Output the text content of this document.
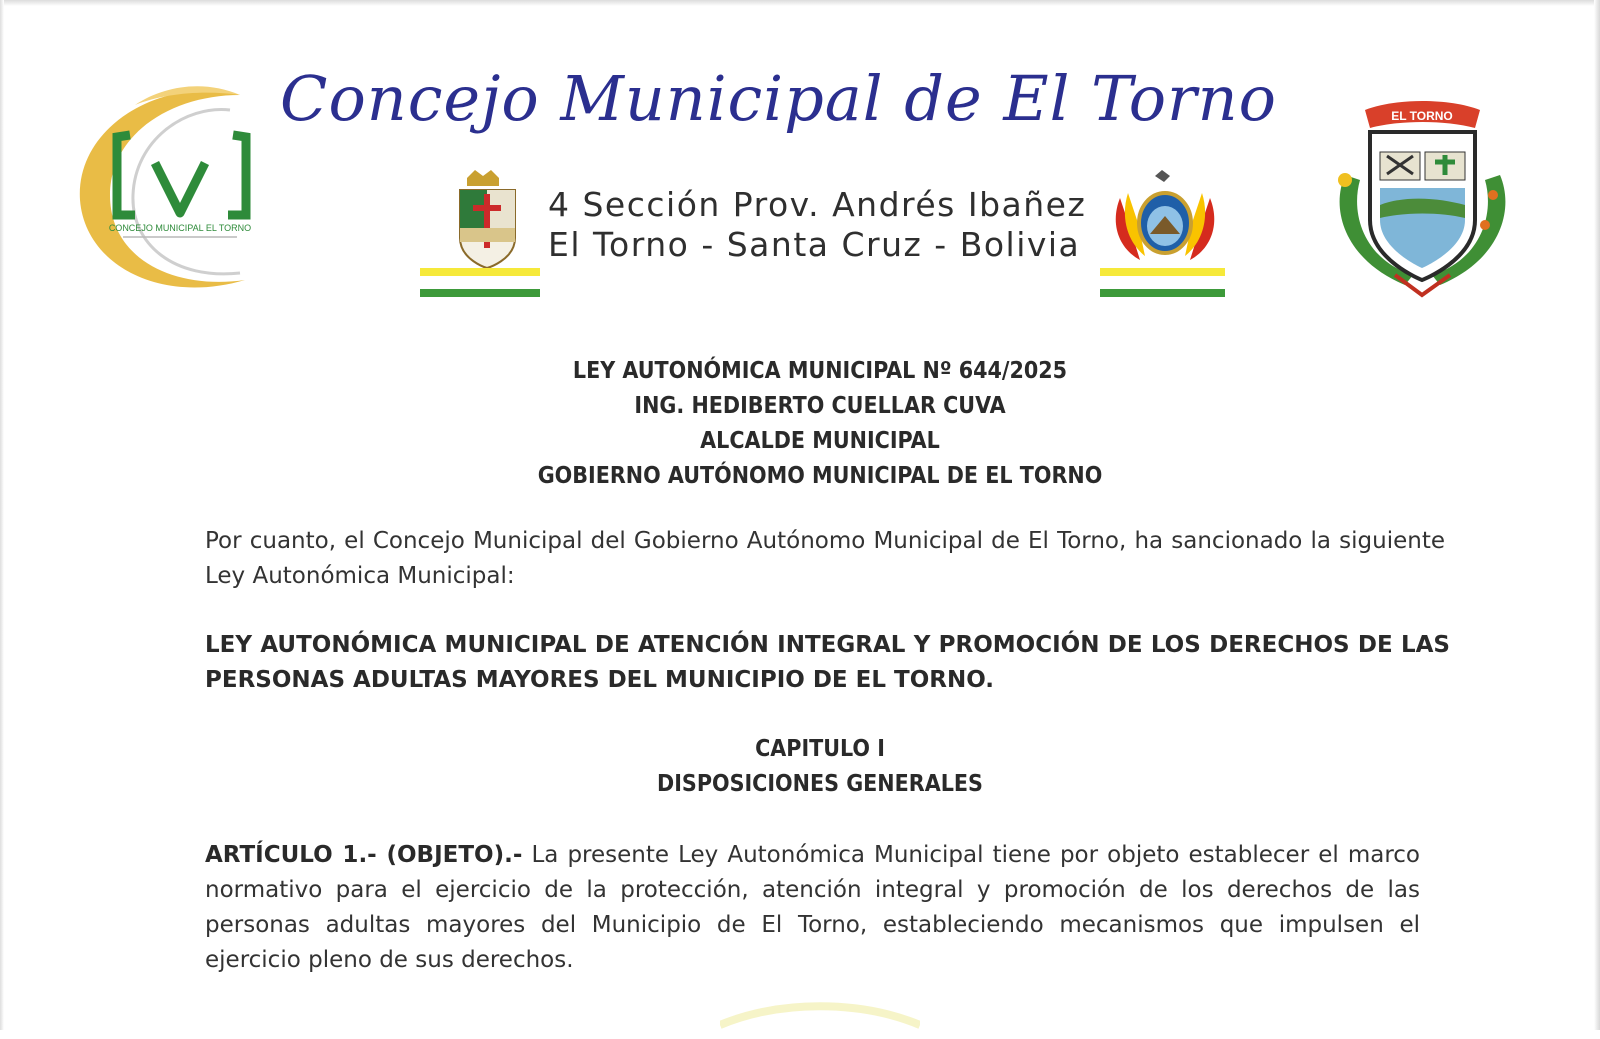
CONCEJO MUNICIPAL EL TORNO
Concejo Municipal de El Torno
4 Sección Prov. Andrés Ibañez
El Torno - Santa Cruz - Bolivia
EL TORNO
LEY AUTONÓMICA MUNICIPAL Nº 644/2025
ING. HEDIBERTO CUELLAR CUVA
ALCALDE MUNICIPAL
GOBIERNO AUTÓNOMO MUNICIPAL DE EL TORNO
Por cuanto, el Concejo Municipal del Gobierno Autónomo Municipal de El Torno, ha sancionado la siguiente Ley Autonómica Municipal:
LEY AUTONÓMICA MUNICIPAL DE ATENCIÓN INTEGRAL Y PROMOCIÓN DE LOS DERECHOS DE LAS PERSONAS ADULTAS MAYORES DEL MUNICIPIO DE EL TORNO.
CAPITULO I
DISPOSICIONES GENERALES
ARTÍCULO 1.- (OBJETO).- La presente Ley Autonómica Municipal tiene por objeto establecer el marco normativo para el ejercicio de la protección, atención integral y promoción de los derechos de las personas adultas mayores del Municipio de El Torno, estableciendo mecanismos que impulsen el ejercicio pleno de sus derechos.
